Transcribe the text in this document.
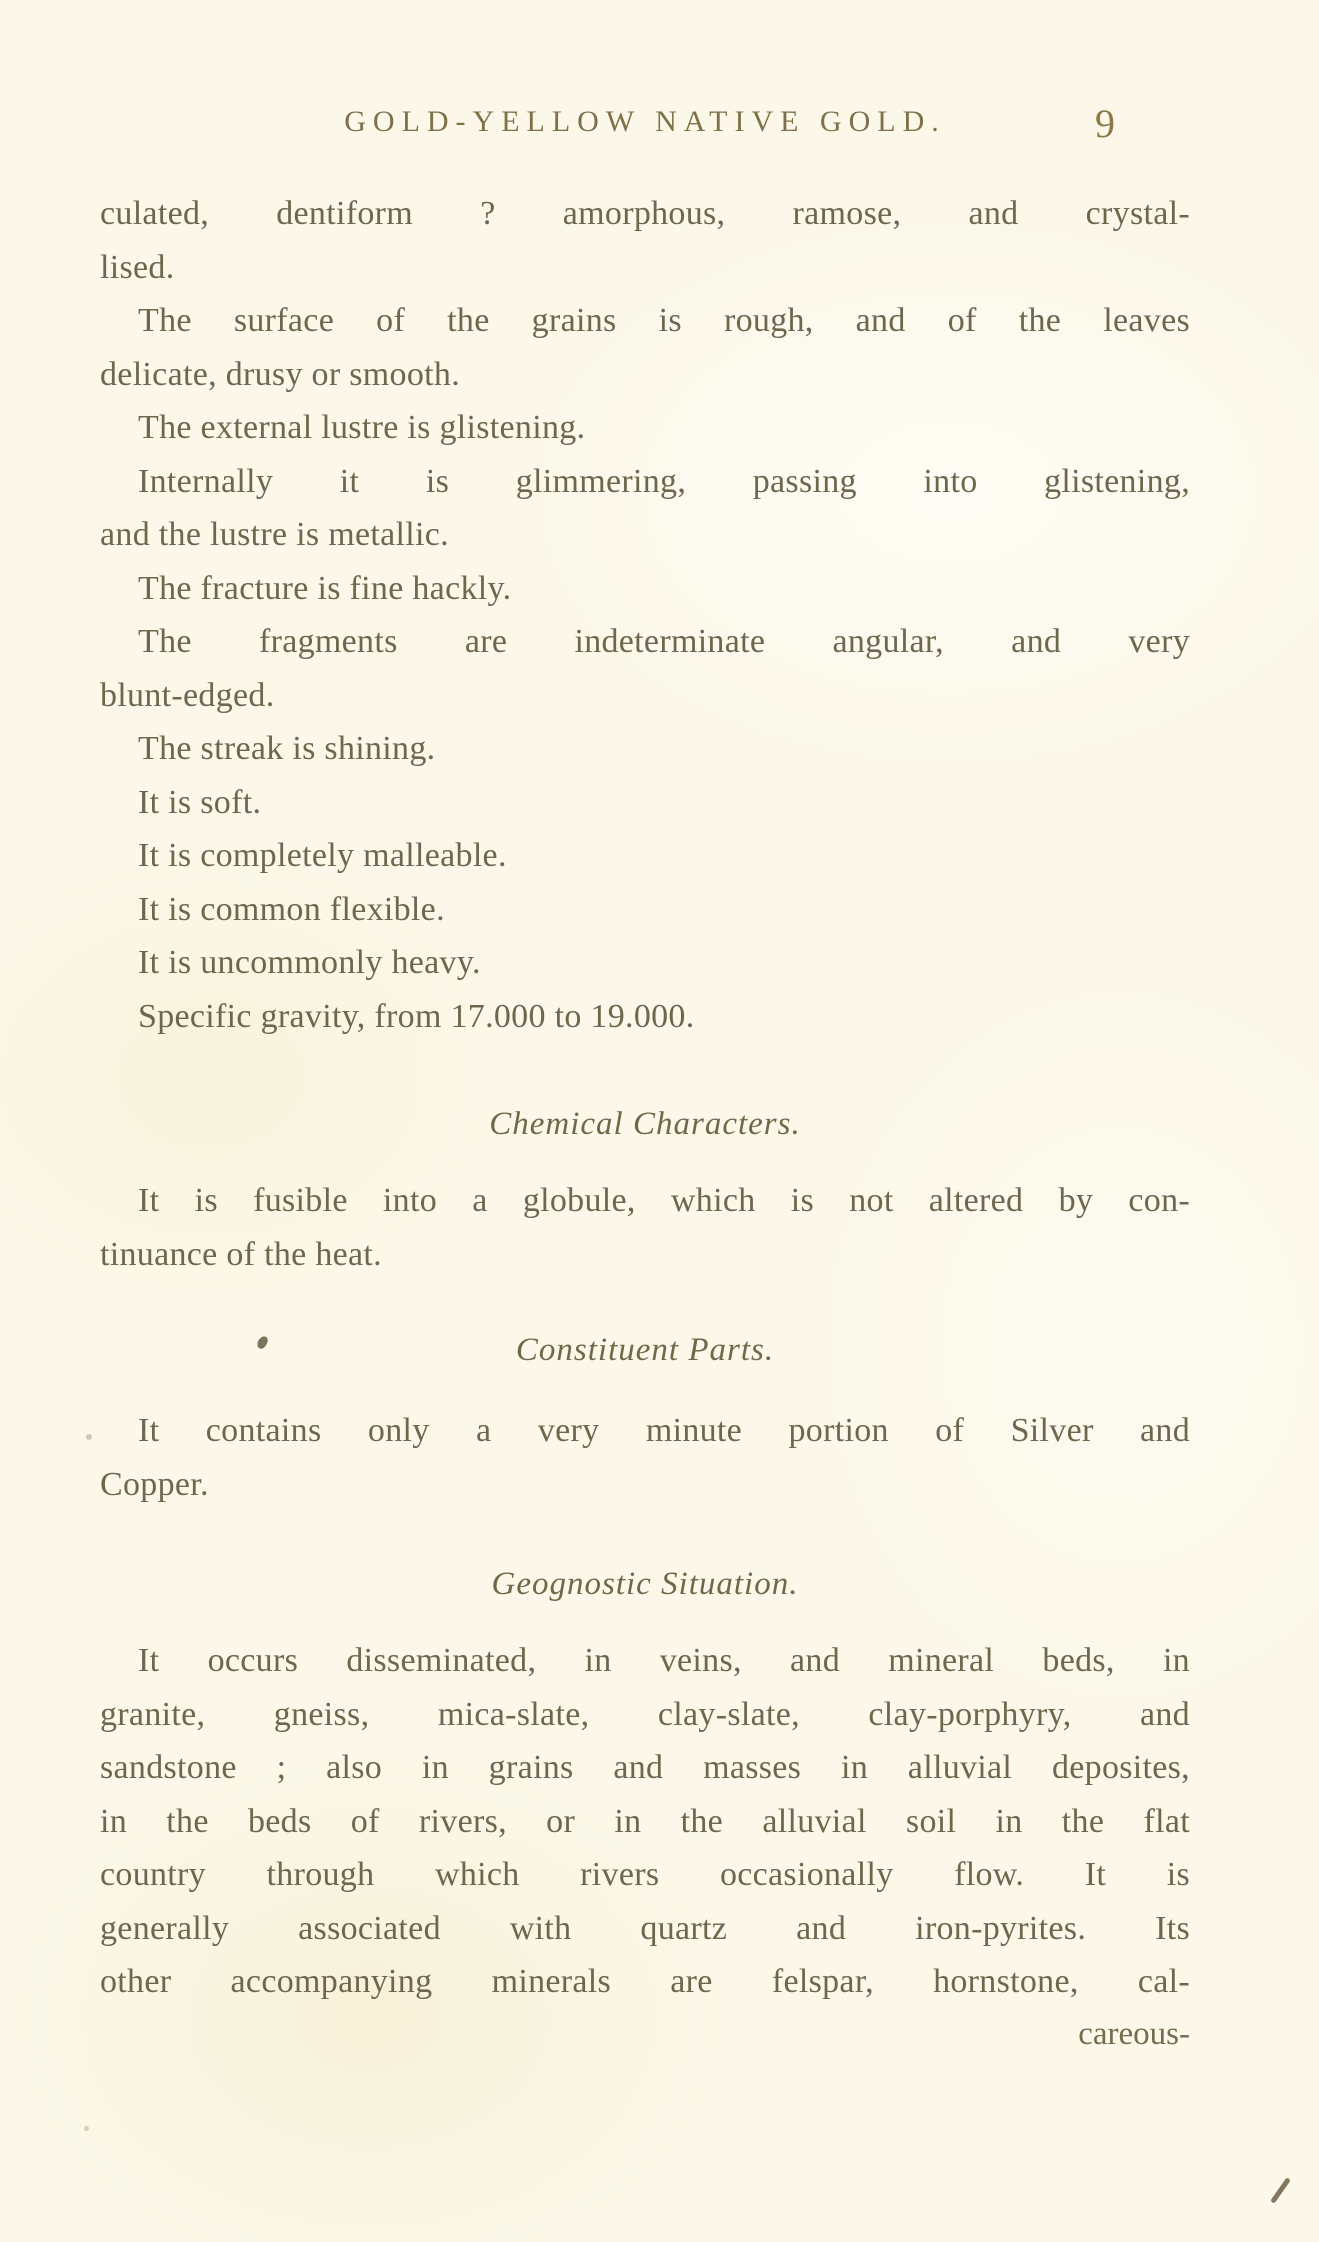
GOLD-YELLOW NATIVE GOLD.	9
culated, dentiform ? amorphous, ramose, and crystal-
lised.
The surface of the grains is rough, and of the leaves
delicate, drusy or smooth.
The external lustre is glistening.
Internally it is glimmering, passing into glistening,
and the lustre is metallic.
The fracture is fine hackly.
The fragments are indeterminate angular, and very
blunt-edged.
The streak is shining.
It is soft.
It is completely malleable.
It is common flexible.
It is uncommonly heavy.
Specific gravity, from 17.000 to 19.000.
Chemical Characters.
It is fusible into a globule, which is not altered by con-
tinuance of the heat.
Constituent Parts.
It contains only a very minute portion of Silver and
Copper.
Geognostic Situation.
It occurs disseminated, in veins, and mineral beds, in
granite, gneiss, mica-slate, clay-slate, clay-porphyry, and
sandstone ; also in grains and masses in alluvial deposites,
in the beds of rivers, or in the alluvial soil in the flat
country through which rivers occasionally flow. It is
generally associated with quartz and iron-pyrites. Its
other accompanying minerals are felspar, hornstone, cal-
careous-
